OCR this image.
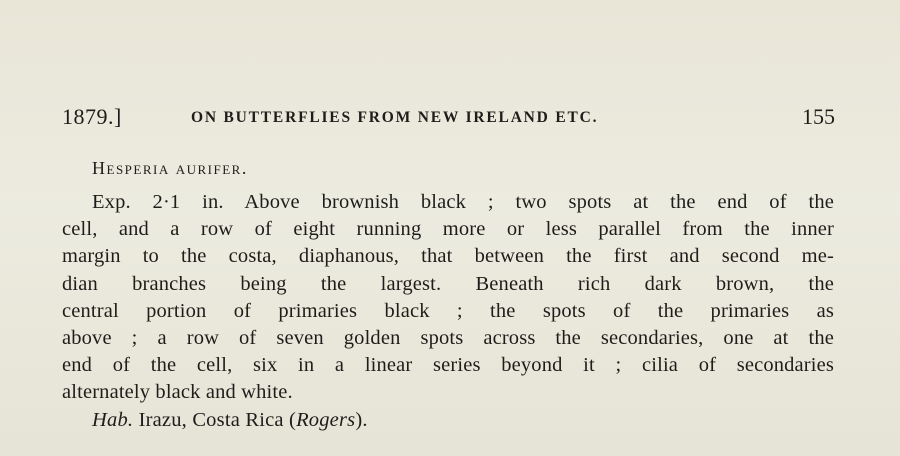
1879.]	ON BUTTERFLIES FROM NEW IRELAND ETC.	155
Hesperia aurifer.
Exp. 2·1 in. Above brownish black ; two spots at the end of the
cell, and a row of eight running more or less parallel from the inner
margin to the costa, diaphanous, that between the first and second me-
dian branches being the largest. Beneath rich dark brown, the
central portion of primaries black ; the spots of the primaries as
above ; a row of seven golden spots across the secondaries, one at the
end of the cell, six in a linear series beyond it ; cilia of secondaries
alternately black and white.
Hab. Irazu, Costa Rica (Rogers).
